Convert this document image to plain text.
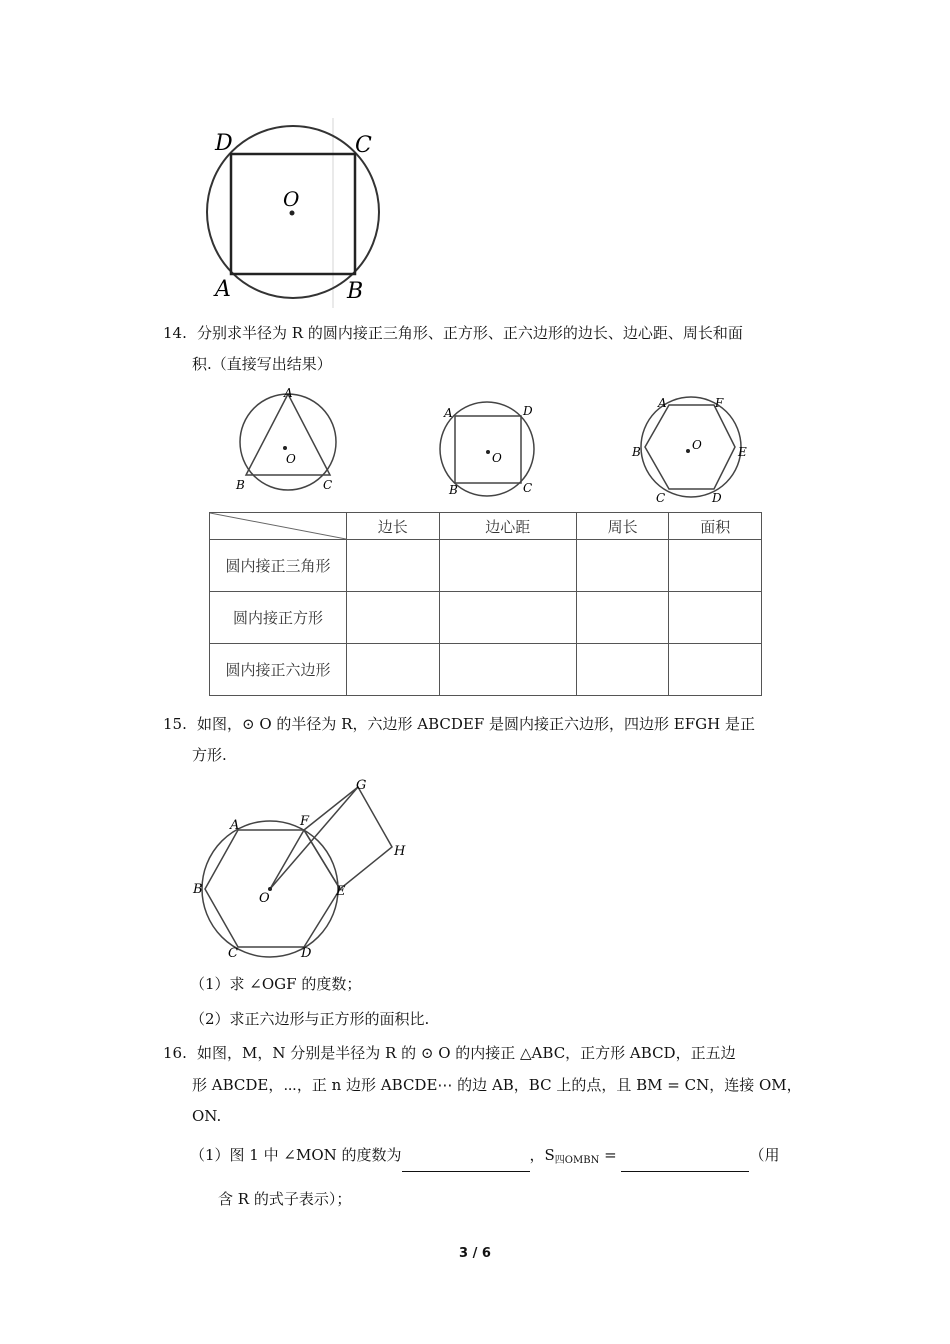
D	C
O
A	B
14. 分别求半径为 R 的圆内接正三角形、正方形、正六边形的边长、边心距、周长和面
积.（直接写出结果）
A
O
B	C
A	D
O
B	C
A	F
O
B	E
C	D
	边长	边心距	周长	面积
圆内接正三角形				
圆内接正方形				
圆内接正六边形				
15. 如图，⊙ O 的半径为 R，六边形 ABCDEF 是圆内接正六边形，四边形 EFGH 是正
方形.
A	F
G
H
B
O	E
C	D
（1）求 ∠OGF 的度数；
（2）求正六边形与正方形的面积比.
16. 如图，M，N 分别是半径为 R 的 ⊙ O 的内接正 △ABC，正方形 ABCD，正五边
形 ABCDE，⋯，正 n 边形 ABCDE⋯ 的边 AB，BC 上的点，且 BM = CN，连接 OM，
ON.
（1）图 1 中 ∠MON 的度数为	，$S_{四OMBN}$ =	（用
含 R 的式子表示）；
3 / 6
